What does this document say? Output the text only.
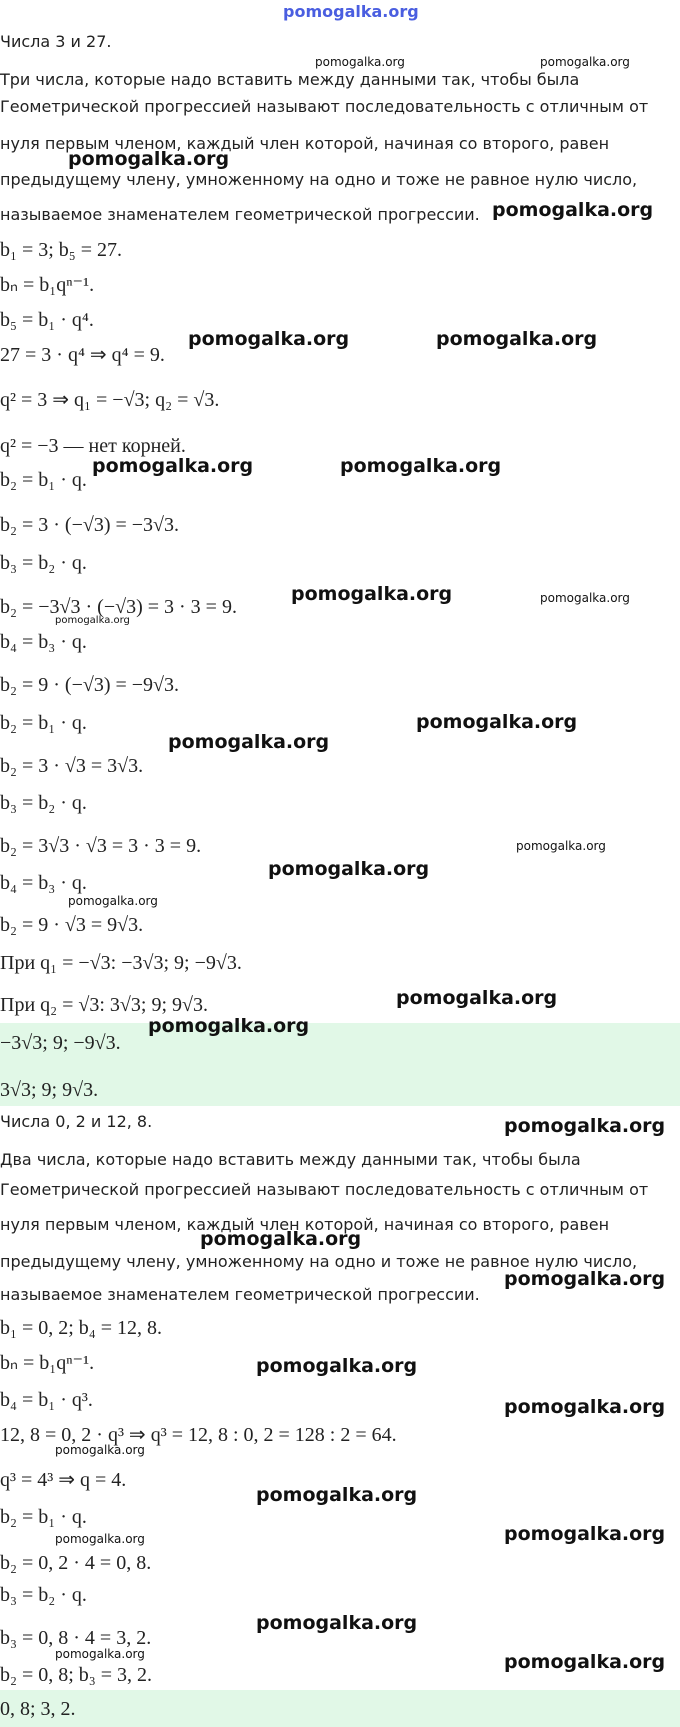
Числа 3 и 27.
Три числа, которые надо вставить между данными так, чтобы была
Геометрической прогрессией называют последовательность с отличным от
нуля первым членом, каждый член которой, начиная со второго, равен
предыдущему члену, умноженному на одно и тоже не равное нулю число,
называемое знаменателем геометрической прогрессии.
b₁ = 3; b₅ = 27.
bₙ = b₁qⁿ⁻¹.
b₅ = b₁ · q⁴.
27 = 3 · q⁴ ⇒ q⁴ = 9.
q² = 3 ⇒ q₁ = −√3; q₂ = √3.
q² = −3 — нет корней.
b₂ = b₁ · q.
b₂ = 3 · (−√3) = −3√3.
b₃ = b₂ · q.
b₂ = −3√3 · (−√3) = 3 · 3 = 9.
b₄ = b₃ · q.
b₂ = 9 · (−√3) = −9√3.
b₂ = b₁ · q.
b₂ = 3 · √3 = 3√3.
b₃ = b₂ · q.
b₂ = 3√3 · √3 = 3 · 3 = 9.
b₄ = b₃ · q.
b₂ = 9 · √3 = 9√3.
При q₁ = −√3: −3√3; 9; −9√3.
При q₂ = √3: 3√3; 9; 9√3.
−3√3; 9; −9√3.
3√3; 9; 9√3.
Числа 0, 2 и 12, 8.
Два числа, которые надо вставить между данными так, чтобы была
Геометрической прогрессией называют последовательность с отличным от
нуля первым членом, каждый член которой, начиная со второго, равен
предыдущему члену, умноженному на одно и тоже не равное нулю число,
называемое знаменателем геометрической прогрессии.
b₁ = 0, 2; b₄ = 12, 8.
bₙ = b₁qⁿ⁻¹.
b₄ = b₁ · q³.
12, 8 = 0, 2 · q³ ⇒ q³ = 12, 8 : 0, 2 = 128 : 2 = 64.
q³ = 4³ ⇒ q = 4.
b₂ = b₁ · q.
b₂ = 0, 2 · 4 = 0, 8.
b₃ = b₂ · q.
b₃ = 0, 8 · 4 = 3, 2.
b₂ = 0, 8; b₃ = 3, 2.
0, 8; 3, 2.
pomogalka.org
pomogalka.org	pomogalka.org
pomogalka.org
pomogalka.org
pomogalka.org	pomogalka.org
pomogalka.org	pomogalka.org
pomogalka.org	pomogalka.org
pomogalka.org
pomogalka.org
pomogalka.org
pomogalka.org
pomogalka.org
pomogalka.org
pomogalka.org
pomogalka.org
pomogalka.org
pomogalka.org
pomogalka.org
pomogalka.org
pomogalka.org
pomogalka.org
pomogalka.org
pomogalka.org
pomogalka.org
pomogalka.org
pomogalka.org
pomogalka.org
